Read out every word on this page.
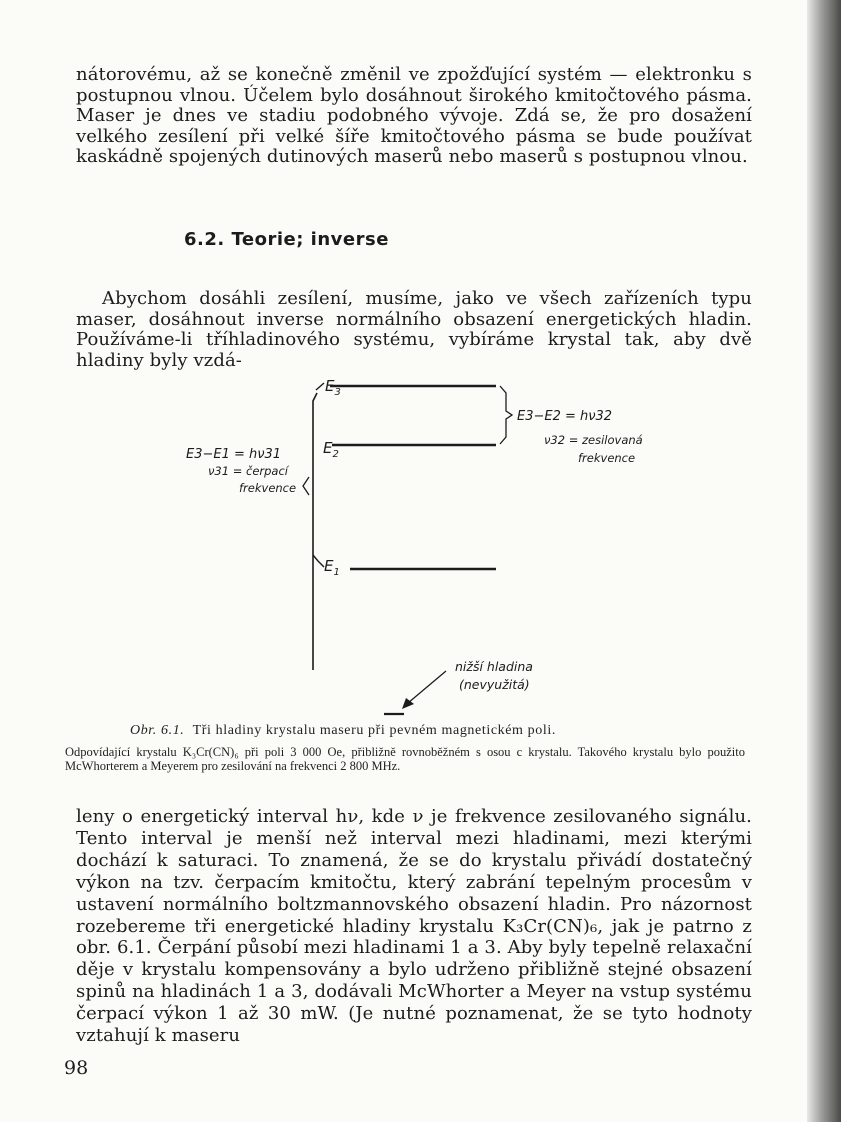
nátorovému, až se konečně změnil ve zpožďující systém — elektronku s postupnou vlnou. Účelem bylo dosáhnout širokého kmitočtového pásma. Maser je dnes ve stadiu podobného vývoje. Zdá se, že pro dosažení velkého zesílení při velké šíře kmitočtového pásma se bude používat kaskádně spojených dutinových maserů nebo maserů s postupnou vlnou.

6.2. Teorie; inverse

Abychom dosáhli zesílení, musíme, jako ve všech zařízeních typu maser, dosáhnout inverse normálního obsazení energetických hladin. Používáme-li tříhladinového systému, vybíráme krystal tak, aby dvě hladiny byly vzdá-

$E_3$
$E_2$
$E_1$
E3−E1 = hν31
ν31 = čerpací
frekvence
E3−E2 = hν32
ν32 = zesilovaná
frekvence
nižší hladina
(nevyužitá)

Obr. 6.1. Tři hladiny krystalu maseru při pevném magnetickém poli.

Odpovídající krystalu K₃Cr(CN)₆ při poli 3 000 Oe, přibližně rovnoběžném s osou c krystalu. Takového krystalu bylo použito McWhorterem a Meyerem pro zesilování na frekvenci 2 800 MHz.

leny o energetický interval hν, kde ν je frekvence zesilovaného signálu. Tento interval je menší než interval mezi hladinami, mezi kterými dochází k saturaci. To znamená, že se do krystalu přivádí dostatečný výkon na tzv. čerpacím kmitočtu, který zabrání tepelným procesům v ustavení normálního boltzmannovského obsazení hladin. Pro názornost rozebereme tři energetické hladiny krystalu K₃Cr(CN)₆, jak je patrno z obr. 6.1. Čerpání působí mezi hladinami 1 a 3. Aby byly tepelně relaxační děje v krystalu kompensovány a bylo udrženo přibližně stejné obsazení spinů na hladinách 1 a 3, dodávali McWhorter a Meyer na vstup systému čerpací výkon 1 až 30 mW. (Je nutné poznamenat, že se tyto hodnoty vztahují k maseru

98
